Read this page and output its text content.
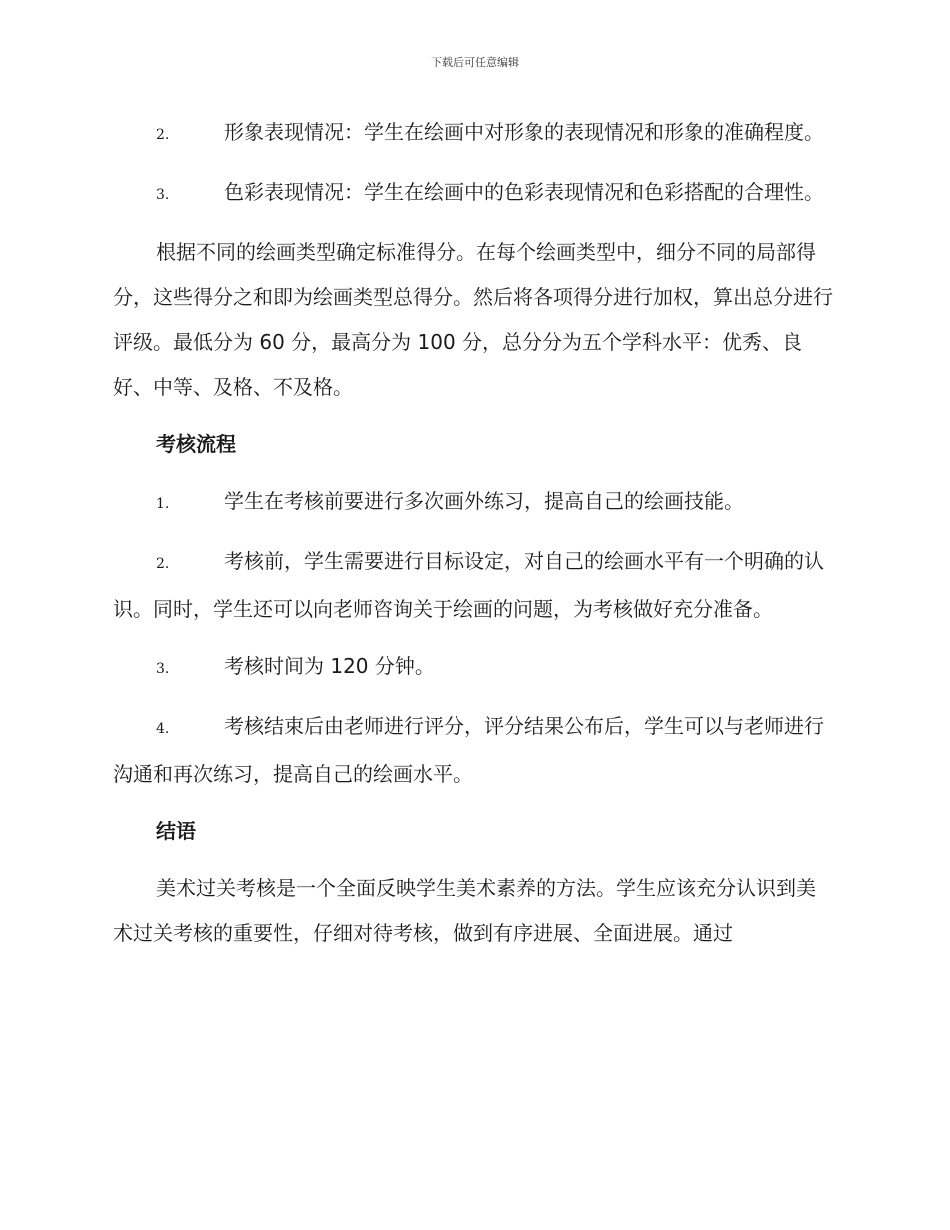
下载后可任意编辑
2.	形象表现情况：学生在绘画中对形象的表现情况和形象的准确程度。
3.	色彩表现情况：学生在绘画中的色彩表现情况和色彩搭配的合理性。
根据不同的绘画类型确定标准得分。在每个绘画类型中，细分不同的局部得分，这些得分之和即为绘画类型总得分。然后将各项得分进行加权，算出总分进行评级。最低分为 60 分，最高分为 100 分，总分分为五个学科水平：优秀、良好、中等、及格、不及格。
考核流程
1.	学生在考核前要进行多次画外练习，提高自己的绘画技能。
2.	考核前，学生需要进行目标设定，对自己的绘画水平有一个明确的认识。同时，学生还可以向老师咨询关于绘画的问题，为考核做好充分准备。
3.	考核时间为 120 分钟。
4.	考核结束后由老师进行评分，评分结果公布后，学生可以与老师进行沟通和再次练习，提高自己的绘画水平。
结语
美术过关考核是一个全面反映学生美术素养的方法。学生应该充分认识到美术过关考核的重要性，仔细对待考核，做到有序进展、全面进展。通过
